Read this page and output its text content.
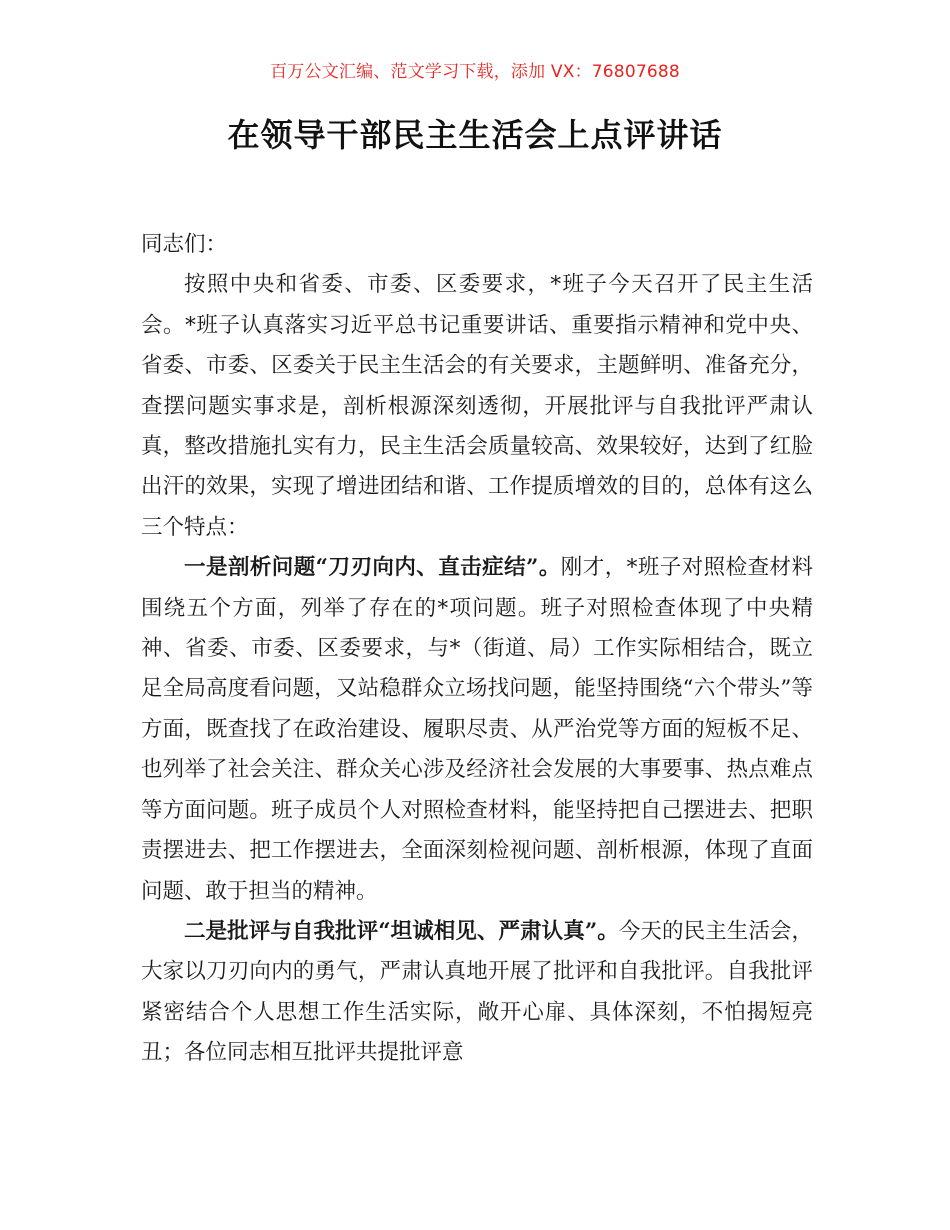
百万公文汇编、范文学习下载，添加 VX：76807688
在领导干部民主生活会上点评讲话

同志们：

按照中央和省委、市委、区委要求，*班子今天召开了民主生活会。*班子认真落实习近平总书记重要讲话、重要指示精神和党中央、省委、市委、区委关于民主生活会的有关要求，主题鲜明、准备充分，查摆问题实事求是，剖析根源深刻透彻，开展批评与自我批评严肃认真，整改措施扎实有力，民主生活会质量较高、效果较好，达到了红脸出汗的效果，实现了增进团结和谐、工作提质增效的目的，总体有这么三个特点：

一是剖析问题“刀刃向内、直击症结”。刚才，*班子对照检查材料围绕五个方面，列举了存在的*项问题。班子对照检查体现了中央精神、省委、市委、区委要求，与*（街道、局）工作实际相结合，既立足全局高度看问题，又站稳群众立场找问题，能坚持围绕“六个带头”等方面，既查找了在政治建设、履职尽责、从严治党等方面的短板不足、也列举了社会关注、群众关心涉及经济社会发展的大事要事、热点难点等方面问题。班子成员个人对照检查材料，能坚持把自己摆进去、把职责摆进去、把工作摆进去，全面深刻检视问题、剖析根源，体现了直面问题、敢于担当的精神。

二是批评与自我批评“坦诚相见、严肃认真”。今天的民主生活会，大家以刀刃向内的勇气，严肃认真地开展了批评和自我批评。自我批评紧密结合个人思想工作生活实际，敞开心扉、具体深刻，不怕揭短亮丑；各位同志相互批评共提批评意
